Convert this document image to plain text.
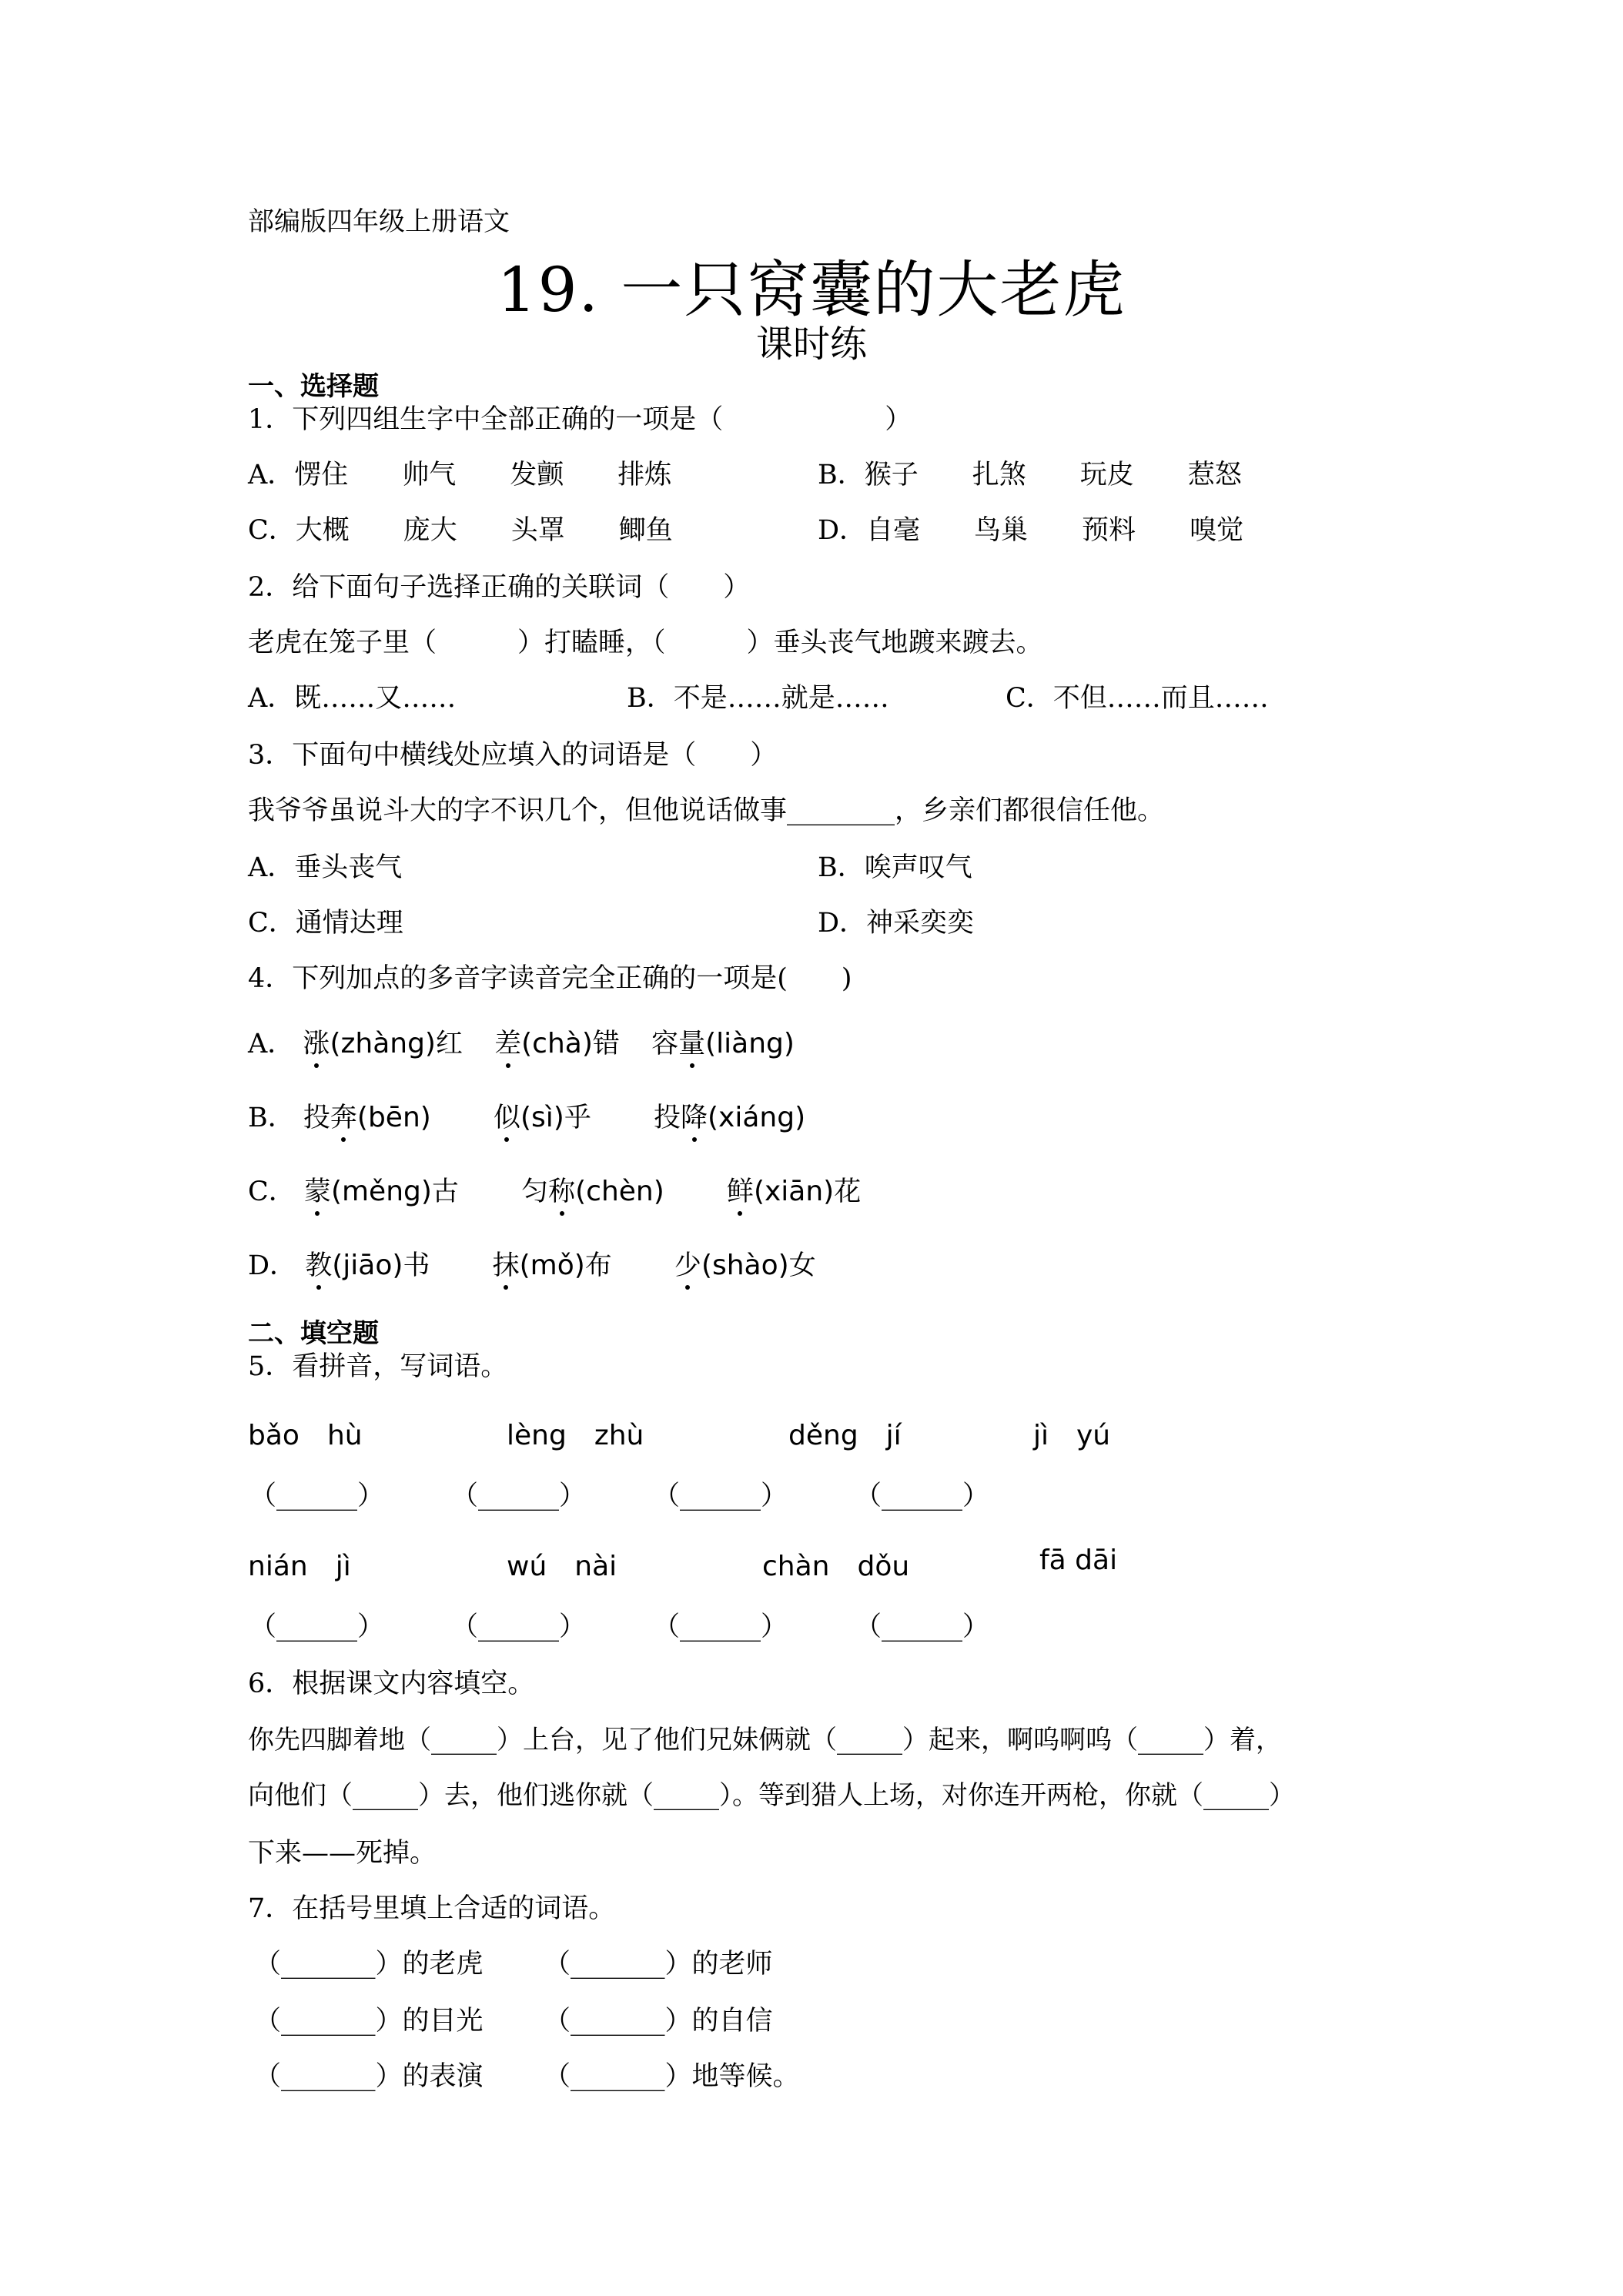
部编版四年级上册语文
19. 一只窝囊的大老虎
课时练
一、选择题
1．下列四组生字中全部正确的一项是（　　　　　　）
A．愣住　　帅气　　发颤　　排炼	B．猴子　　扎煞　　玩皮　　惹怒
C．大概　　庞大　　头罩　　鲫鱼	D．自毫　　鸟巢　　预料　　嗅觉
2．给下面句子选择正确的关联词（　　）
老虎在笼子里（　　　）打瞌睡，（　　　）垂头丧气地踱来踱去。
A．既……又……	B．不是……就是……	C．不但……而且……
3．下面句中横线处应填入的词语是（　　）
我爷爷虽说斗大的字不识几个，但他说话做事________，乡亲们都很信任他。
A．垂头丧气	B．唉声叹气
C．通情达理	D．神采奕奕
4．下列加点的多音字读音完全正确的一项是(　　)
A． 涨(zhàng)红 差(chà)错 容量(liàng)
B． 投奔(bēn) 似(sì)乎 投降(xiáng)
C． 蒙(měng)古 匀称(chèn) 鲜(xiān)花
D． 教(jiāo)书 抹(mǒ)布 少(shào)女
二、填空题
5．看拼音，写词语。
bǎo　hù	lèng　zhù	děng　jí	jì　yú
（______） （______） （______） （______）
nián　jì	wú　nài	chàn　dǒu	fā dāi
（______） （______） （______） （______）
6．根据课文内容填空。
你先四脚着地（_____）上台，见了他们兄妹俩就（_____）起来，啊呜啊呜（_____）着，
向他们（_____）去，他们逃你就（_____）。等到猎人上场，对你连开两枪，你就（_____）
下来——死掉。
7．在括号里填上合适的词语。
（_______）的老虎 （_______）的老师
（_______）的目光 （_______）的自信
（_______）的表演 （_______）地等候。
